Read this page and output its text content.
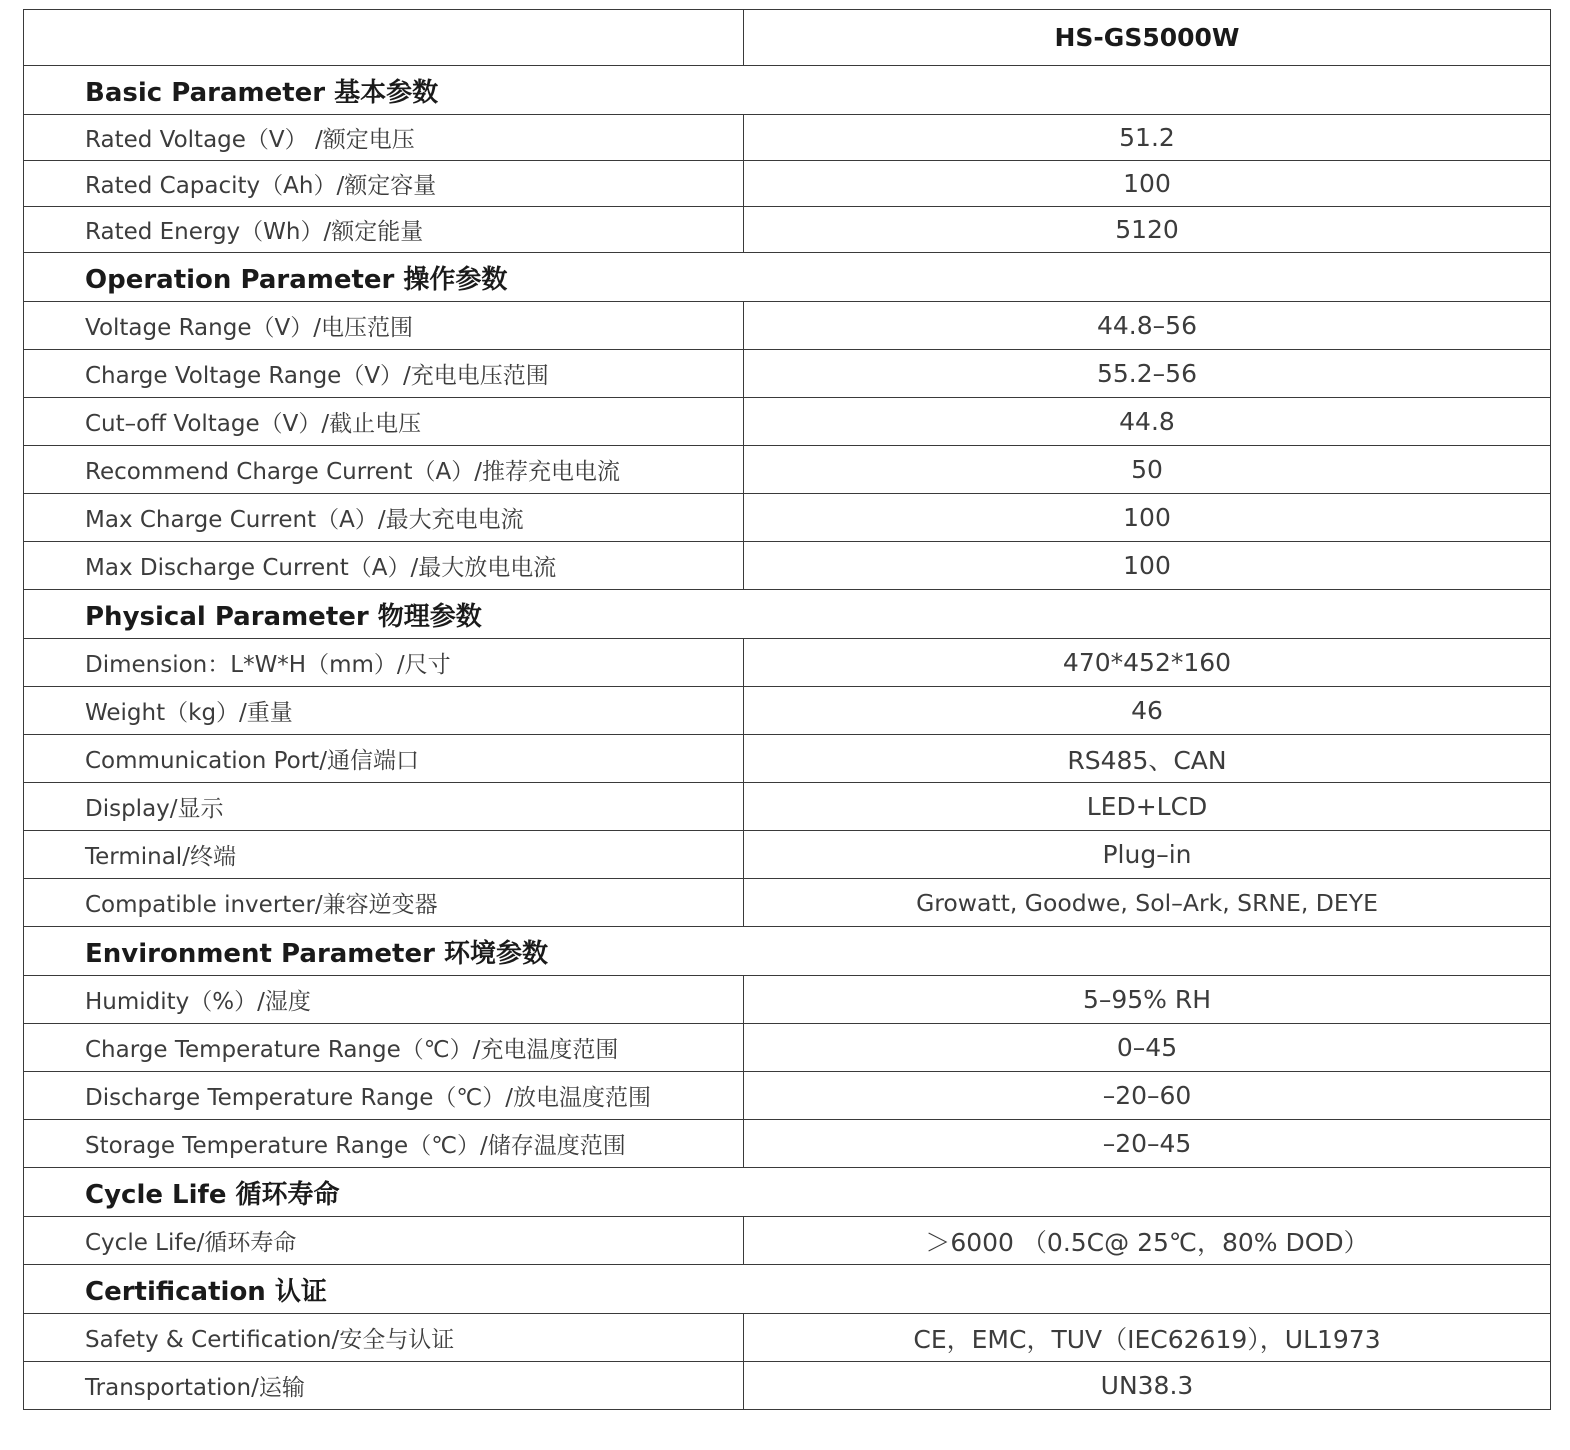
	HS-GS5000W
Basic Parameter 基本参数	
Rated Voltage（V） /额定电压	51.2
Rated Capacity（Ah）/额定容量	100
Rated Energy（Wh）/额定能量	5120
Operation Parameter 操作参数	
Voltage Range（V）/电压范围	44.8–56
Charge Voltage Range（V）/充电电压范围	55.2–56
Cut–off Voltage（V）/截止电压	44.8
Recommend Charge Current（A）/推荐充电电流	50
Max Charge Current（A）/最大充电电流	100
Max Discharge Current（A）/最大放电电流	100
Physical Parameter 物理参数	
Dimension：L*W*H（mm）/尺寸	470*452*160
Weight（kg）/重量	46
Communication Port/通信端口	RS485、CAN
Display/显示	LED+LCD
Terminal/终端	Plug–in
Compatible inverter/兼容逆变器	Growatt, Goodwe, Sol–Ark, SRNE, DEYE
Environment Parameter 环境参数	
Humidity（%）/湿度	5–95% RH
Charge Temperature Range（℃）/充电温度范围	0–45
Discharge Temperature Range（℃）/放电温度范围	–20–60
Storage Temperature Range（℃）/储存温度范围	–20–45
Cycle Life 循环寿命	
Cycle Life/循环寿命	＞6000 （0.5C@ 25℃，80% DOD）
Certification 认证	
Safety & Certification/安全与认证	CE，EMC，TUV（IEC62619），UL1973
Transportation/运输	UN38.3
